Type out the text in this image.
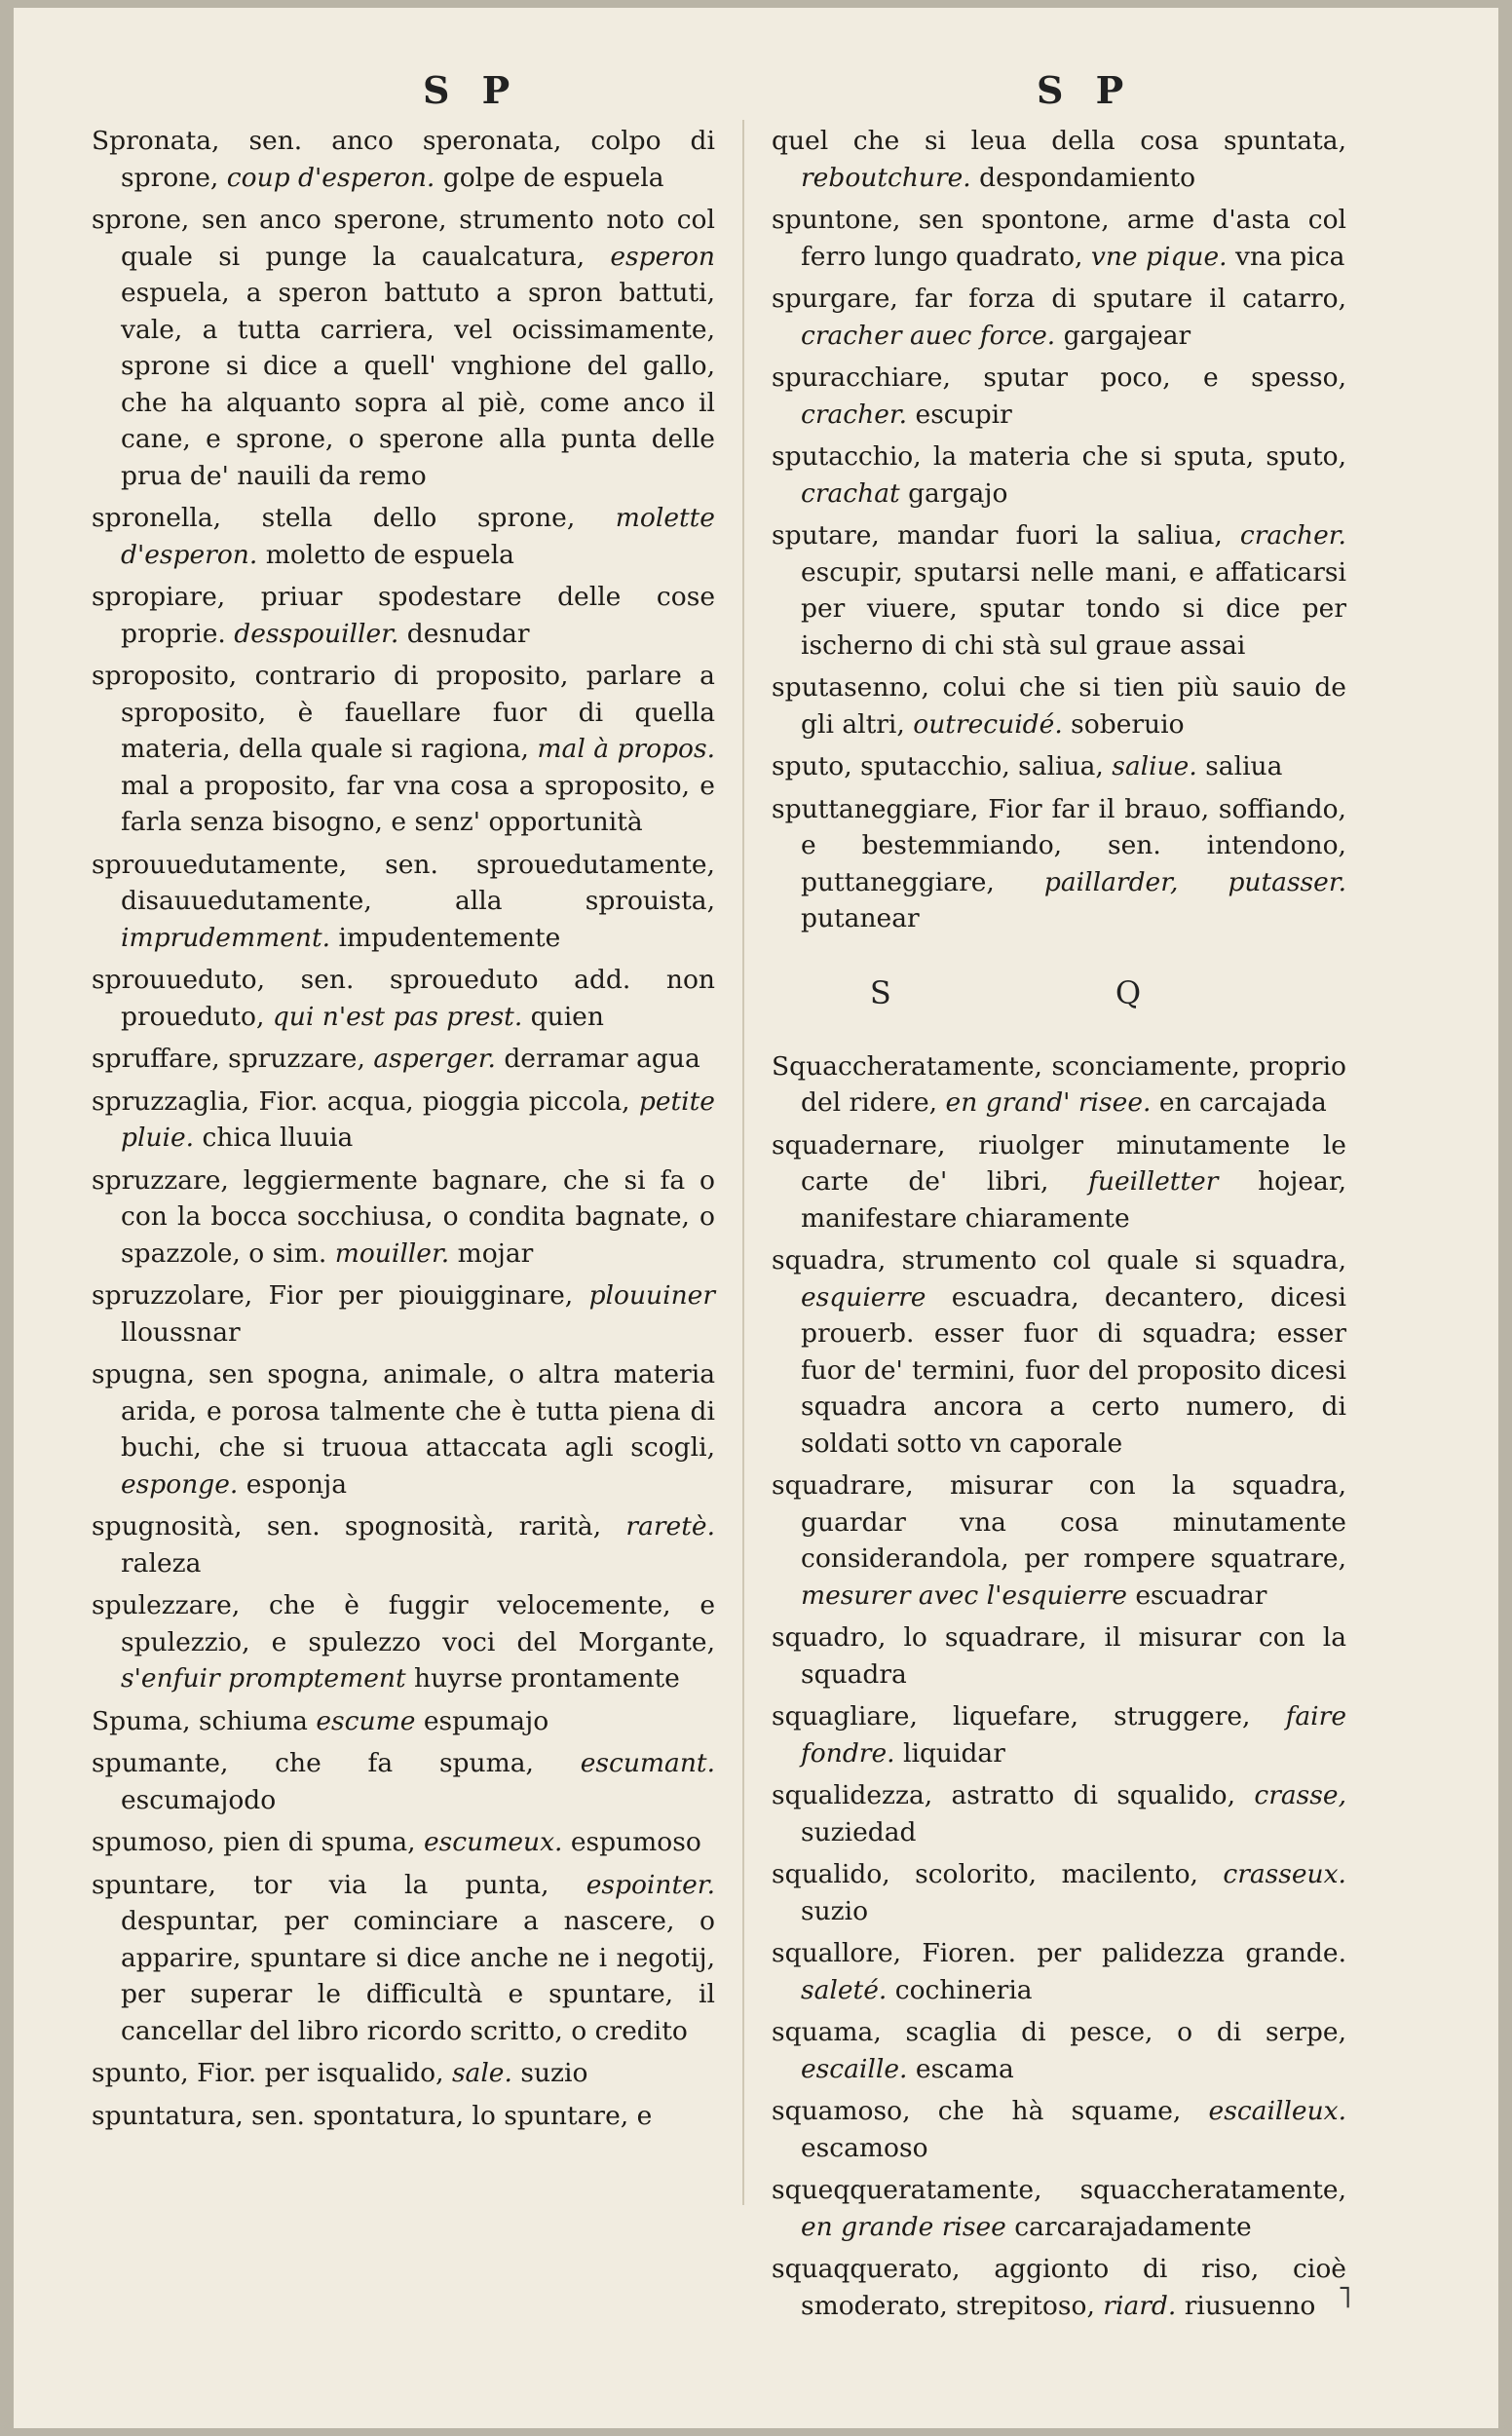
S P	S P
Spronata, sen. anco speronata, colpo di sprone, coup d'esperon. golpe de espuela
sprone, sen anco sperone, strumento noto col quale si punge la caualcatura, esperon espuela, a speron battuto a spron battuti, vale, a tutta carriera, vel ocissimamente, sprone si dice a quell' vnghione del gallo, che ha alquanto sopra al piè, come anco il cane, e sprone, o sperone alla punta delle prua de' nauili da remo
spronella, stella dello sprone, molette d'esperon. moletto de espuela
spropiare, priuar spodestare delle cose proprie. desspouiller. desnudar
sproposito, contrario di proposito, parlare a sproposito, è fauellare fuor di quella materia, della quale si ragiona, mal à propos. mal a proposito, far vna cosa a sproposito, e farla senza bisogno, e senz' opportunità
sprouuedutamente, sen. sprouedutamente, disauuedutamente, alla sprouista, imprudemment. impudentemente
sprouueduto, sen. sproueduto add. non proueduto, qui n'est pas prest. quien
spruffare, spruzzare, asperger. derramar agua
spruzzaglia, Fior. acqua, pioggia piccola, petite pluie. chica lluuia
spruzzare, leggiermente bagnare, che si fa o con la bocca socchiusa, o condita bagnate, o spazzole, o sim. mouiller. mojar
spruzzolare, Fior per piouigginare, plouuiner lloussnar
spugna, sen spogna, animale, o altra materia arida, e porosa talmente che è tutta piena di buchi, che si truoua attaccata agli scogli, esponge. esponja
spugnosità, sen. spognosità, rarità, raretè. raleza
spulezzare, che è fuggir velocemente, e spulezzio, e spulezzo voci del Morgante, s'enfuir promptement huyrse prontamente
Spuma, schiuma escume espumajo
spumante, che fa spuma, escumant. escumajodo
spumoso, pien di spuma, escumeux. espumoso
spuntare, tor via la punta, espointer. despuntar, per cominciare a nascere, o apparire, spuntare si dice anche ne i negotij, per superar le difficultà e spuntare, il cancellar del libro ricordo scritto, o credito
spunto, Fior. per isqualido, sale. suzio
spuntatura, sen. spontatura, lo spuntare, e
quel che si leua della cosa spuntata, reboutchure. despondamiento
spuntone, sen spontone, arme d'asta col ferro lungo quadrato, vne pique. vna pica
spurgare, far forza di sputare il catarro, cracher auec force. gargajear
spuracchiare, sputar poco, e spesso, cracher. escupir
sputacchio, la materia che si sputa, sputo, crachat gargajo
sputare, mandar fuori la saliua, cracher. escupir, sputarsi nelle mani, e affaticarsi per viuere, sputar tondo si dice per ischerno di chi stà sul graue assai
sputasenno, colui che si tien più sauio de gli altri, outrecuidé. soberuio
sputo, sputacchio, saliua, saliue. saliua
sputtaneggiare, Fior far il brauo, soffiando, e bestemmiando, sen. intendono, puttaneggiare, paillarder, putasser. putanear
S Q
Squaccheratamente, sconciamente, proprio del ridere, en grand' risee. en carcajada
squadernare, riuolger minutamente le carte de' libri, fueilletter hojear, manifestare chiaramente
squadra, strumento col quale si squadra, esquierre escuadra, decantero, dicesi prouerb. esser fuor di squadra; esser fuor de' termini, fuor del proposito dicesi squadra ancora a certo numero, di soldati sotto vn caporale
squadrare, misurar con la squadra, guardar vna cosa minutamente considerandola, per rompere squatrare, mesurer avec l'esquierre escuadrar
squadro, lo squadrare, il misurar con la squadra
squagliare, liquefare, struggere, faire fondre. liquidar
squalidezza, astratto di squalido, crasse, suziedad
squalido, scolorito, macilento, crasseux. suzio
squallore, Fioren. per palidezza grande. saleté. cochineria
squama, scaglia di pesce, o di serpe, escaille. escama
squamoso, che hà squame, escailleux. escamoso
squeqqueratamente, squaccheratamente, en grande risee carcarajadamente
squaqquerato, aggionto di riso, cioè smoderato, strepitoso, riard. riusuenno ˥
